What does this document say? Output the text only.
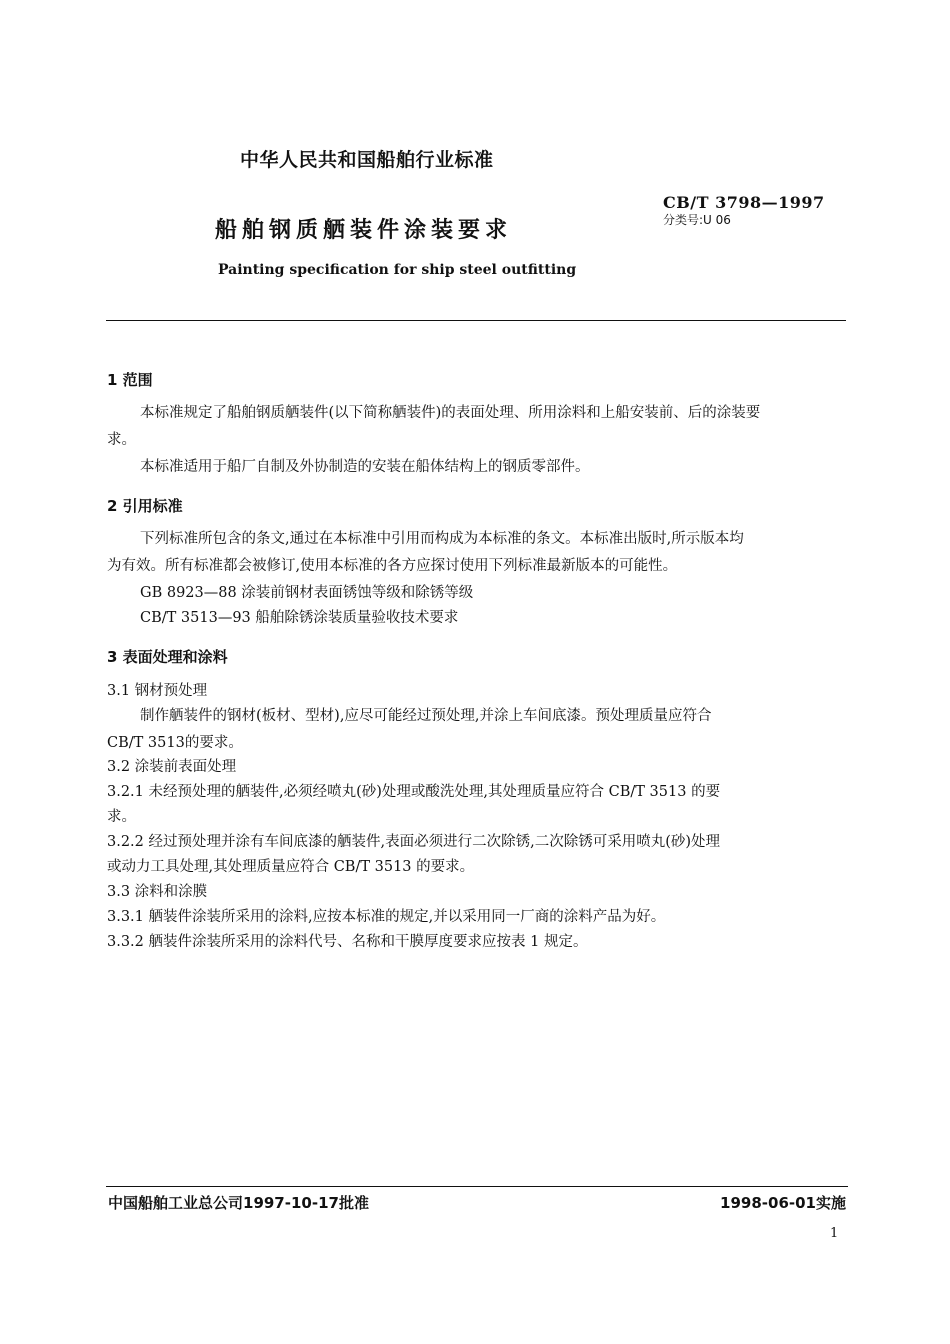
中华人民共和国船舶行业标准
CB/T 3798—1997
分类号:U 06
船舶钢质舾装件涂装要求
Painting specification for ship steel outfitting
1 范围
本标准规定了船舶钢质舾装件(以下简称舾装件)的表面处理、所用涂料和上船安装前、后的涂装要
求。
本标准适用于船厂自制及外协制造的安装在船体结构上的钢质零部件。
2 引用标准
下列标准所包含的条文,通过在本标准中引用而构成为本标准的条文。本标准出版时,所示版本均
为有效。所有标准都会被修订,使用本标准的各方应探讨使用下列标准最新版本的可能性。
GB 8923—88 涂装前钢材表面锈蚀等级和除锈等级
CB/T 3513—93 船舶除锈涂装质量验收技术要求
3 表面处理和涂料
3.1 钢材预处理
制作舾装件的钢材(板材、型材),应尽可能经过预处理,并涂上车间底漆。预处理质量应符合
CB/T 3513的要求。
3.2 涂装前表面处理
3.2.1 未经预处理的舾装件,必须经喷丸(砂)处理或酸洗处理,其处理质量应符合 CB/T 3513 的要
求。
3.2.2 经过预处理并涂有车间底漆的舾装件,表面必须进行二次除锈,二次除锈可采用喷丸(砂)处理
或动力工具处理,其处理质量应符合 CB/T 3513 的要求。
3.3 涂料和涂膜
3.3.1 舾装件涂装所采用的涂料,应按本标准的规定,并以采用同一厂商的涂料产品为好。
3.3.2 舾装件涂装所采用的涂料代号、名称和干膜厚度要求应按表 1 规定。
中国船舶工业总公司1997-10-17批准	1998-06-01实施
1
